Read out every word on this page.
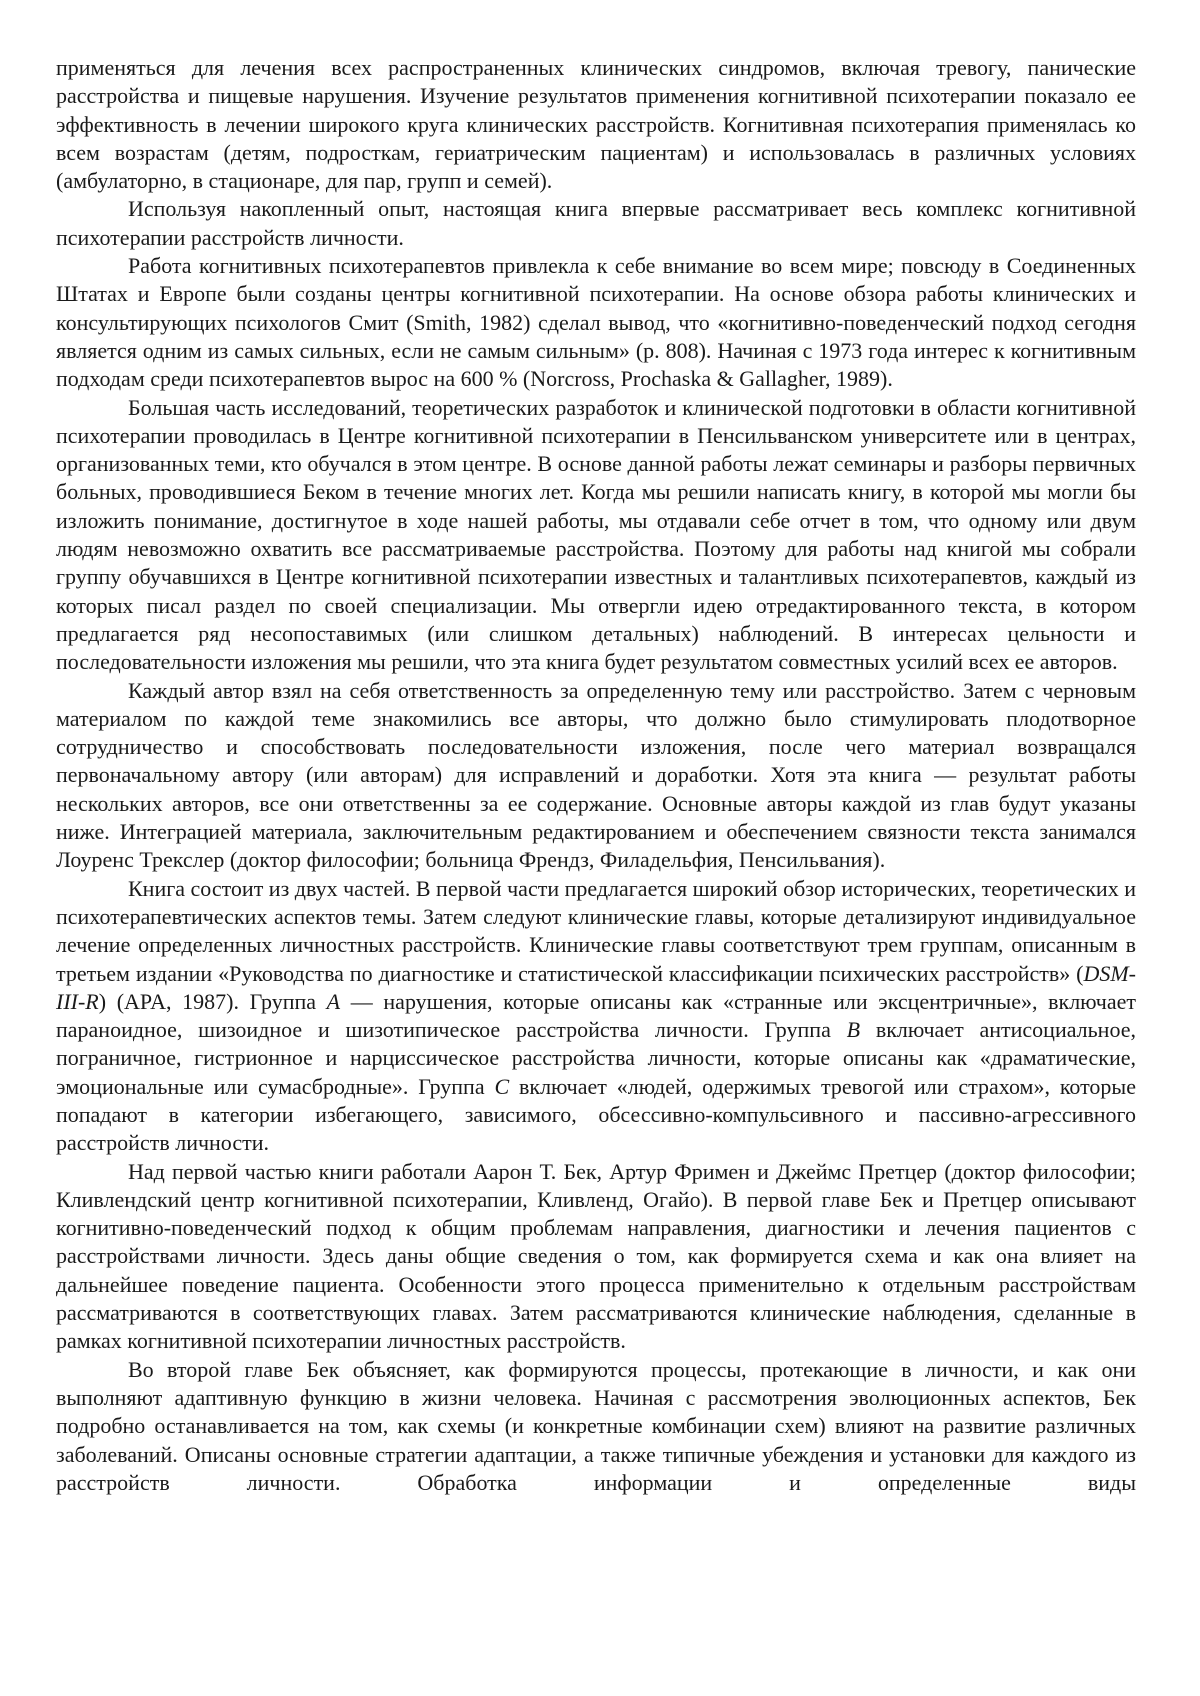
применяться для лечения всех распространенных клинических синдромов, включая тревогу, панические расстройства и пищевые нарушения. Изучение результатов применения когнитивной психотерапии показало ее эффективность в лечении широкого круга клинических расстройств. Когнитивная психотерапия применялась ко всем возрастам (детям, подросткам, гериатрическим пациентам) и использовалась в различных условиях (амбулаторно, в стационаре, для пар, групп и семей).

Используя накопленный опыт, настоящая книга впервые рассматривает весь комплекс когнитивной психотерапии расстройств личности.

Работа когнитивных психотерапевтов привлекла к себе внимание во всем мире; повсюду в Соединенных Штатах и Европе были созданы центры когнитивной психотерапии. На основе обзора работы клинических и консультирующих психологов Смит (Smith, 1982) сделал вывод, что «когнитивно-поведенческий подход сегодня является одним из самых сильных, если не самым сильным» (p. 808). Начиная с 1973 года интерес к когнитивным подходам среди психотерапевтов вырос на 600 % (Norcross, Prochaska & Gallagher, 1989).

Большая часть исследований, теоретических разработок и клинической подготовки в области когнитивной психотерапии проводилась в Центре когнитивной психотерапии в Пенсильванском университете или в центрах, организованных теми, кто обучался в этом центре. В основе данной работы лежат семинары и разборы первичных больных, проводившиеся Беком в течение многих лет. Когда мы решили написать книгу, в которой мы могли бы изложить понимание, достигнутое в ходе нашей работы, мы отдавали себе отчет в том, что одному или двум людям невозможно охватить все рассматриваемые расстройства. Поэтому для работы над книгой мы собрали группу обучавшихся в Центре когнитивной психотерапии известных и талантливых психотерапевтов, каждый из которых писал раздел по своей специализации. Мы отвергли идею отредактированного текста, в котором предлагается ряд несопоставимых (или слишком детальных) наблюдений. В интересах цельности и последовательности изложения мы решили, что эта книга будет результатом совместных усилий всех ее авторов.

Каждый автор взял на себя ответственность за определенную тему или расстройство. Затем с черновым материалом по каждой теме знакомились все авторы, что должно было стимулировать плодотворное сотрудничество и способствовать последовательности изложения, после чего материал возвращался первоначальному автору (или авторам) для исправлений и доработки. Хотя эта книга — результат работы нескольких авторов, все они ответственны за ее содержание. Основные авторы каждой из глав будут указаны ниже. Интеграцией материала, заключительным редактированием и обеспечением связности текста занимался Лоуренс Трекслер (доктор философии; больница Френдз, Филадельфия, Пенсильвания).

Книга состоит из двух частей. В первой части предлагается широкий обзор исторических, теоретических и психотерапевтических аспектов темы. Затем следуют клинические главы, которые детализируют индивидуальное лечение определенных личностных расстройств. Клинические главы соответствуют трем группам, описанным в третьем издании «Руководства по диагностике и статистической классификации психических расстройств» (DSM-III-R) (APA, 1987). Группа A — нарушения, которые описаны как «странные или эксцентричные», включает параноидное, шизоидное и шизотипическое расстройства личности. Группа B включает антисоциальное, пограничное, гистрионное и нарциссическое расстройства личности, которые описаны как «драматические, эмоциональные или сумасбродные». Группа C включает «людей, одержимых тревогой или страхом», которые попадают в категории избегающего, зависимого, обсессивно-компульсивного и пассивно-агрессивного расстройств личности.

Над первой частью книги работали Аарон Т. Бек, Артур Фримен и Джеймс Претцер (доктор философии; Кливлендский центр когнитивной психотерапии, Кливленд, Огайо). В первой главе Бек и Претцер описывают когнитивно-поведенческий подход к общим проблемам направления, диагностики и лечения пациентов с расстройствами личности. Здесь даны общие сведения о том, как формируется схема и как она влияет на дальнейшее поведение пациента. Особенности этого процесса применительно к отдельным расстройствам рассматриваются в соответствующих главах. Затем рассматриваются клинические наблюдения, сделанные в рамках когнитивной психотерапии личностных расстройств.

Во второй главе Бек объясняет, как формируются процессы, протекающие в личности, и как они выполняют адаптивную функцию в жизни человека. Начиная с рассмотрения эволюционных аспектов, Бек подробно останавливается на том, как схемы (и конкретные комбинации схем) влияют на развитие различных заболеваний. Описаны основные стратегии адаптации, а также типичные убеждения и установки для каждого из расстройств личности. Обработка информации и определенные виды
